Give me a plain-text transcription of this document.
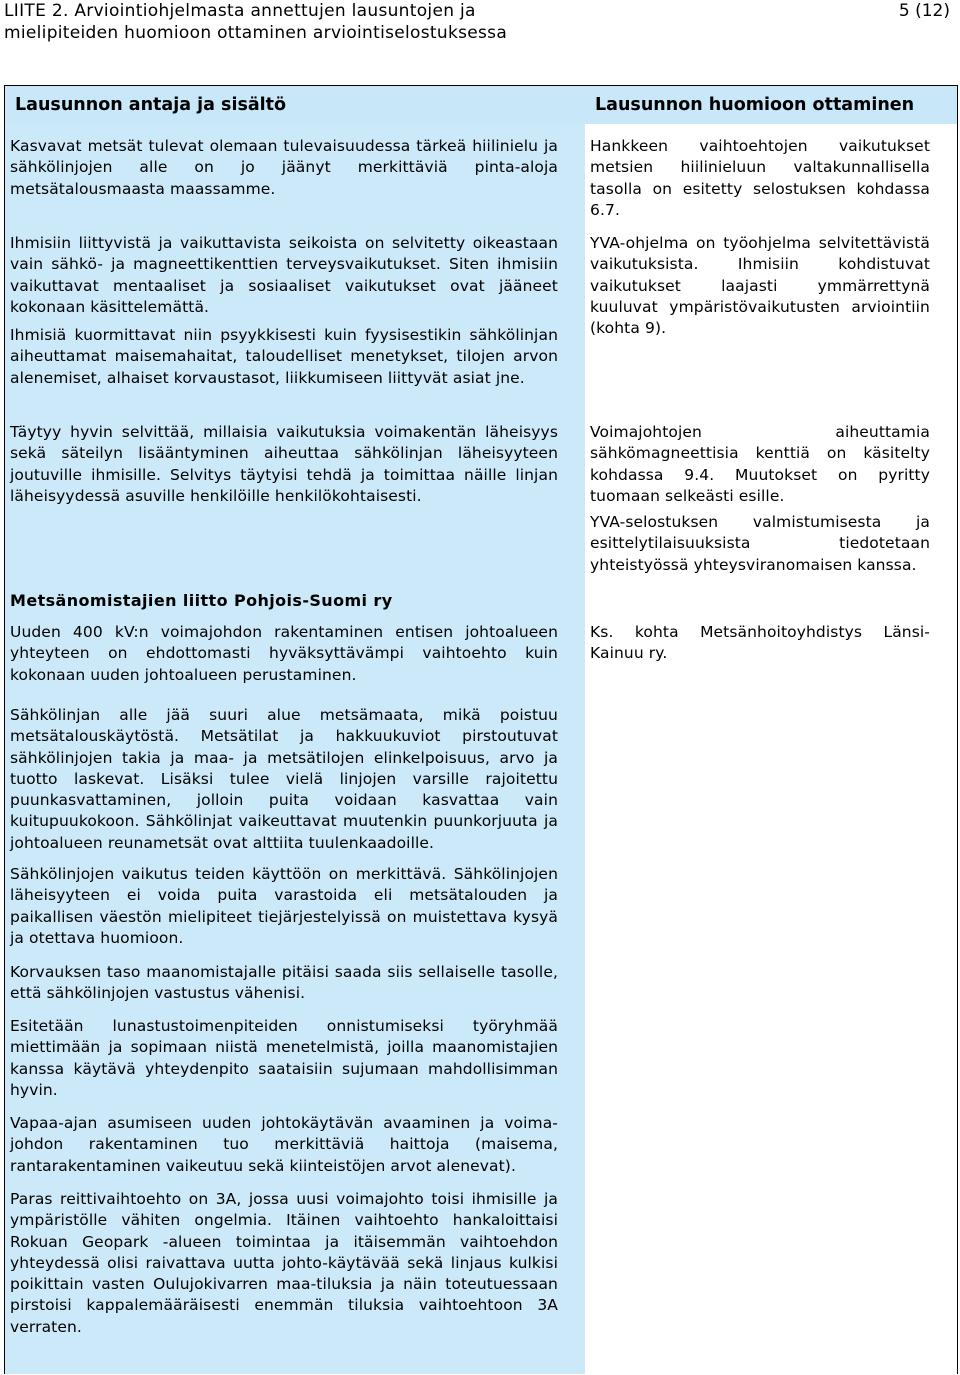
LIITE 2. Arviointiohjelmasta annettujen lausuntojen ja
mielipiteiden huomioon ottaminen arviointiselostuksessa
5 (12)
Lausunnon antaja ja sisältö	Lausunnon huomioon ottaminen
Kasvavat metsät tulevat olemaan tulevaisuudessa tärkeä hiilinielu ja sähkölinjojen alle on jo jäänyt merkittäviä pinta-aloja metsätalousmaasta maassamme.
Ihmisiin liittyvistä ja vaikuttavista seikoista on selvitetty oikeastaan vain sähkö- ja magneettikenttien terveysvaikutukset. Siten ihmisiin vaikuttavat mentaaliset ja sosiaaliset vaikutukset ovat jääneet kokonaan käsittelemättä.
Ihmisiä kuormittavat niin psyykkisesti kuin fyysisestikin sähkölinjan aiheuttamat maisemahaitat, taloudelliset menetykset, tilojen arvon alenemiset, alhaiset korvaustasot, liikkumiseen liittyvät asiat jne.
Täytyy hyvin selvittää, millaisia vaikutuksia voimakentän läheisyys sekä säteilyn lisääntyminen aiheuttaa sähkölinjan läheisyyteen joutuville ihmisille. Selvitys täytyisi tehdä ja toimittaa näille linjan läheisyydessä asuville henkilöille henkilökohtaisesti.
Hankkeen vaihtoehtojen vaikutukset metsien hiilinieluun valtakunnallisella tasolla on esitetty selostuksen kohdassa 6.7.
YVA-ohjelma on työohjelma selvitettävistä vaikutuksista. Ihmisiin kohdistuvat vaikutukset laajasti ymmärrettynä kuuluvat ympäristövaikutusten arviointiin (kohta 9).
Voimajohtojen aiheuttamia sähkömagneettisia kenttiä on käsitelty kohdassa 9.4. Muutokset on pyritty tuomaan selkeästi esille.
YVA-selostuksen valmistumisesta ja esittelytilaisuuksista tiedotetaan yhteistyössä yhteysviranomaisen kanssa.
Metsänomistajien liitto Pohjois-Suomi ry
Uuden 400 kV:n voimajohdon rakentaminen entisen johtoalueen yhteyteen on ehdottomasti hyväksyttävämpi vaihtoehto kuin kokonaan uuden johtoalueen perustaminen.
Sähkölinjan alle jää suuri alue metsämaata, mikä poistuu metsätalouskäytöstä. Metsätilat ja hakkuukuviot pirstoutuvat sähkölinjojen takia ja maa- ja metsätilojen elinkelpoisuus, arvo ja tuotto laskevat. Lisäksi tulee vielä linjojen varsille rajoitettu puunkasvattaminen, jolloin puita voidaan kasvattaa vain kuitupuukokoon. Sähkölinjat vaikeuttavat muutenkin puunkorjuuta ja johtoalueen reunametsät ovat alttiita tuulenkaadoille.
Sähkölinjojen vaikutus teiden käyttöön on merkittävä. Sähkölinjojen läheisyyteen ei voida puita varastoida eli metsätalouden ja paikallisen väestön mielipiteet tiejärjestelyissä on muistettava kysyä ja otettava huomioon.
Korvauksen taso maanomistajalle pitäisi saada siis sellaiselle tasolle, että sähkölinjojen vastustus vähenisi.
Esitetään lunastustoimenpiteiden onnistumiseksi työryhmää miettimään ja sopimaan niistä menetelmistä, joilla maanomistajien kanssa käytävä yhteydenpito saataisiin sujumaan mahdollisimman hyvin.
Vapaa-ajan asumiseen uuden johtokäytävän avaaminen ja voima-johdon rakentaminen tuo merkittäviä haittoja (maisema, rantarakentaminen vaikeutuu sekä kiinteistöjen arvot alenevat).
Paras reittivaihtoehto on 3A, jossa uusi voimajohto toisi ihmisille ja ympäristölle vähiten ongelmia. Itäinen vaihtoehto hankaloittaisi Rokuan Geopark -alueen toimintaa ja itäisemmän vaihtoehdon yhteydessä olisi raivattava uutta johto-käytävää sekä linjaus kulkisi poikittain vasten Oulujokivarren maa-tiluksia ja näin toteutuessaan pirstoisi kappalemääräisesti enemmän tiluksia vaihtoehtoon 3A verraten.
Ks. kohta Metsänhoitoyhdistys Länsi-Kainuu ry.
